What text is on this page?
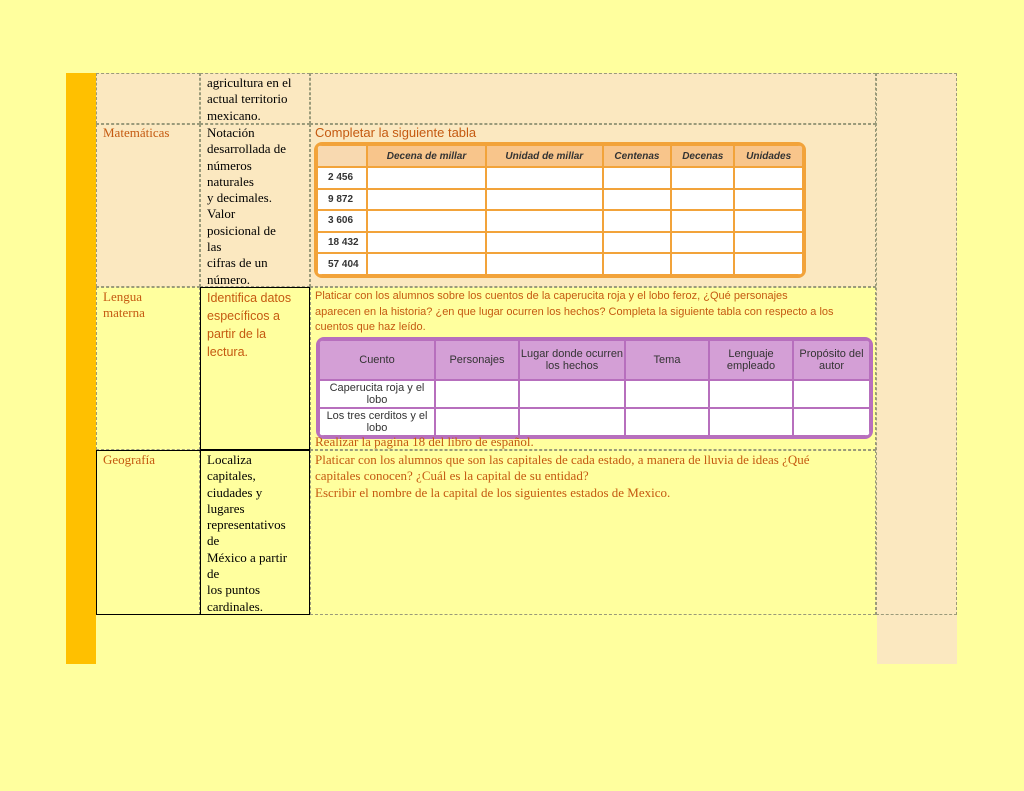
agricultura en el
actual territorio
mexicano.
Matemáticas	Notación
desarrollada de
números
naturales
y decimales.
Valor
posicional de
las
cifras de un
número.
Completar la siguiente tabla
	Decena de millar	Unidad de millar	Centenas	Decenas	Unidades
2 456					
9 872					
3 606					
18 432					
57 404					
Lengua
materna
Identifica datos
específicos a
partir de la
lectura.
Platicar con los alumnos sobre los cuentos de la caperucita roja y el lobo feroz, ¿Qué personajes
aparecen en la historia? ¿en que lugar ocurren los hechos? Completa la siguiente tabla con respecto a los
cuentos que haz leído.
Cuento	Personajes	Lugar donde ocurren los hechos	Tema	Lenguaje empleado	Propósito del autor
Caperucita roja y el lobo					
Los tres cerditos y el lobo					
Realizar la pagina 18 del libro de español.
Geografía	Localiza
capitales,
ciudades y
lugares
representativos
de
México a partir
de
los puntos
cardinales.
Platicar con los alumnos que son las capitales de cada estado, a manera de lluvia de ideas ¿Qué
capitales conocen? ¿Cuál es la capital de su entidad?
Escribir el nombre de la capital de los siguientes estados de Mexico.
